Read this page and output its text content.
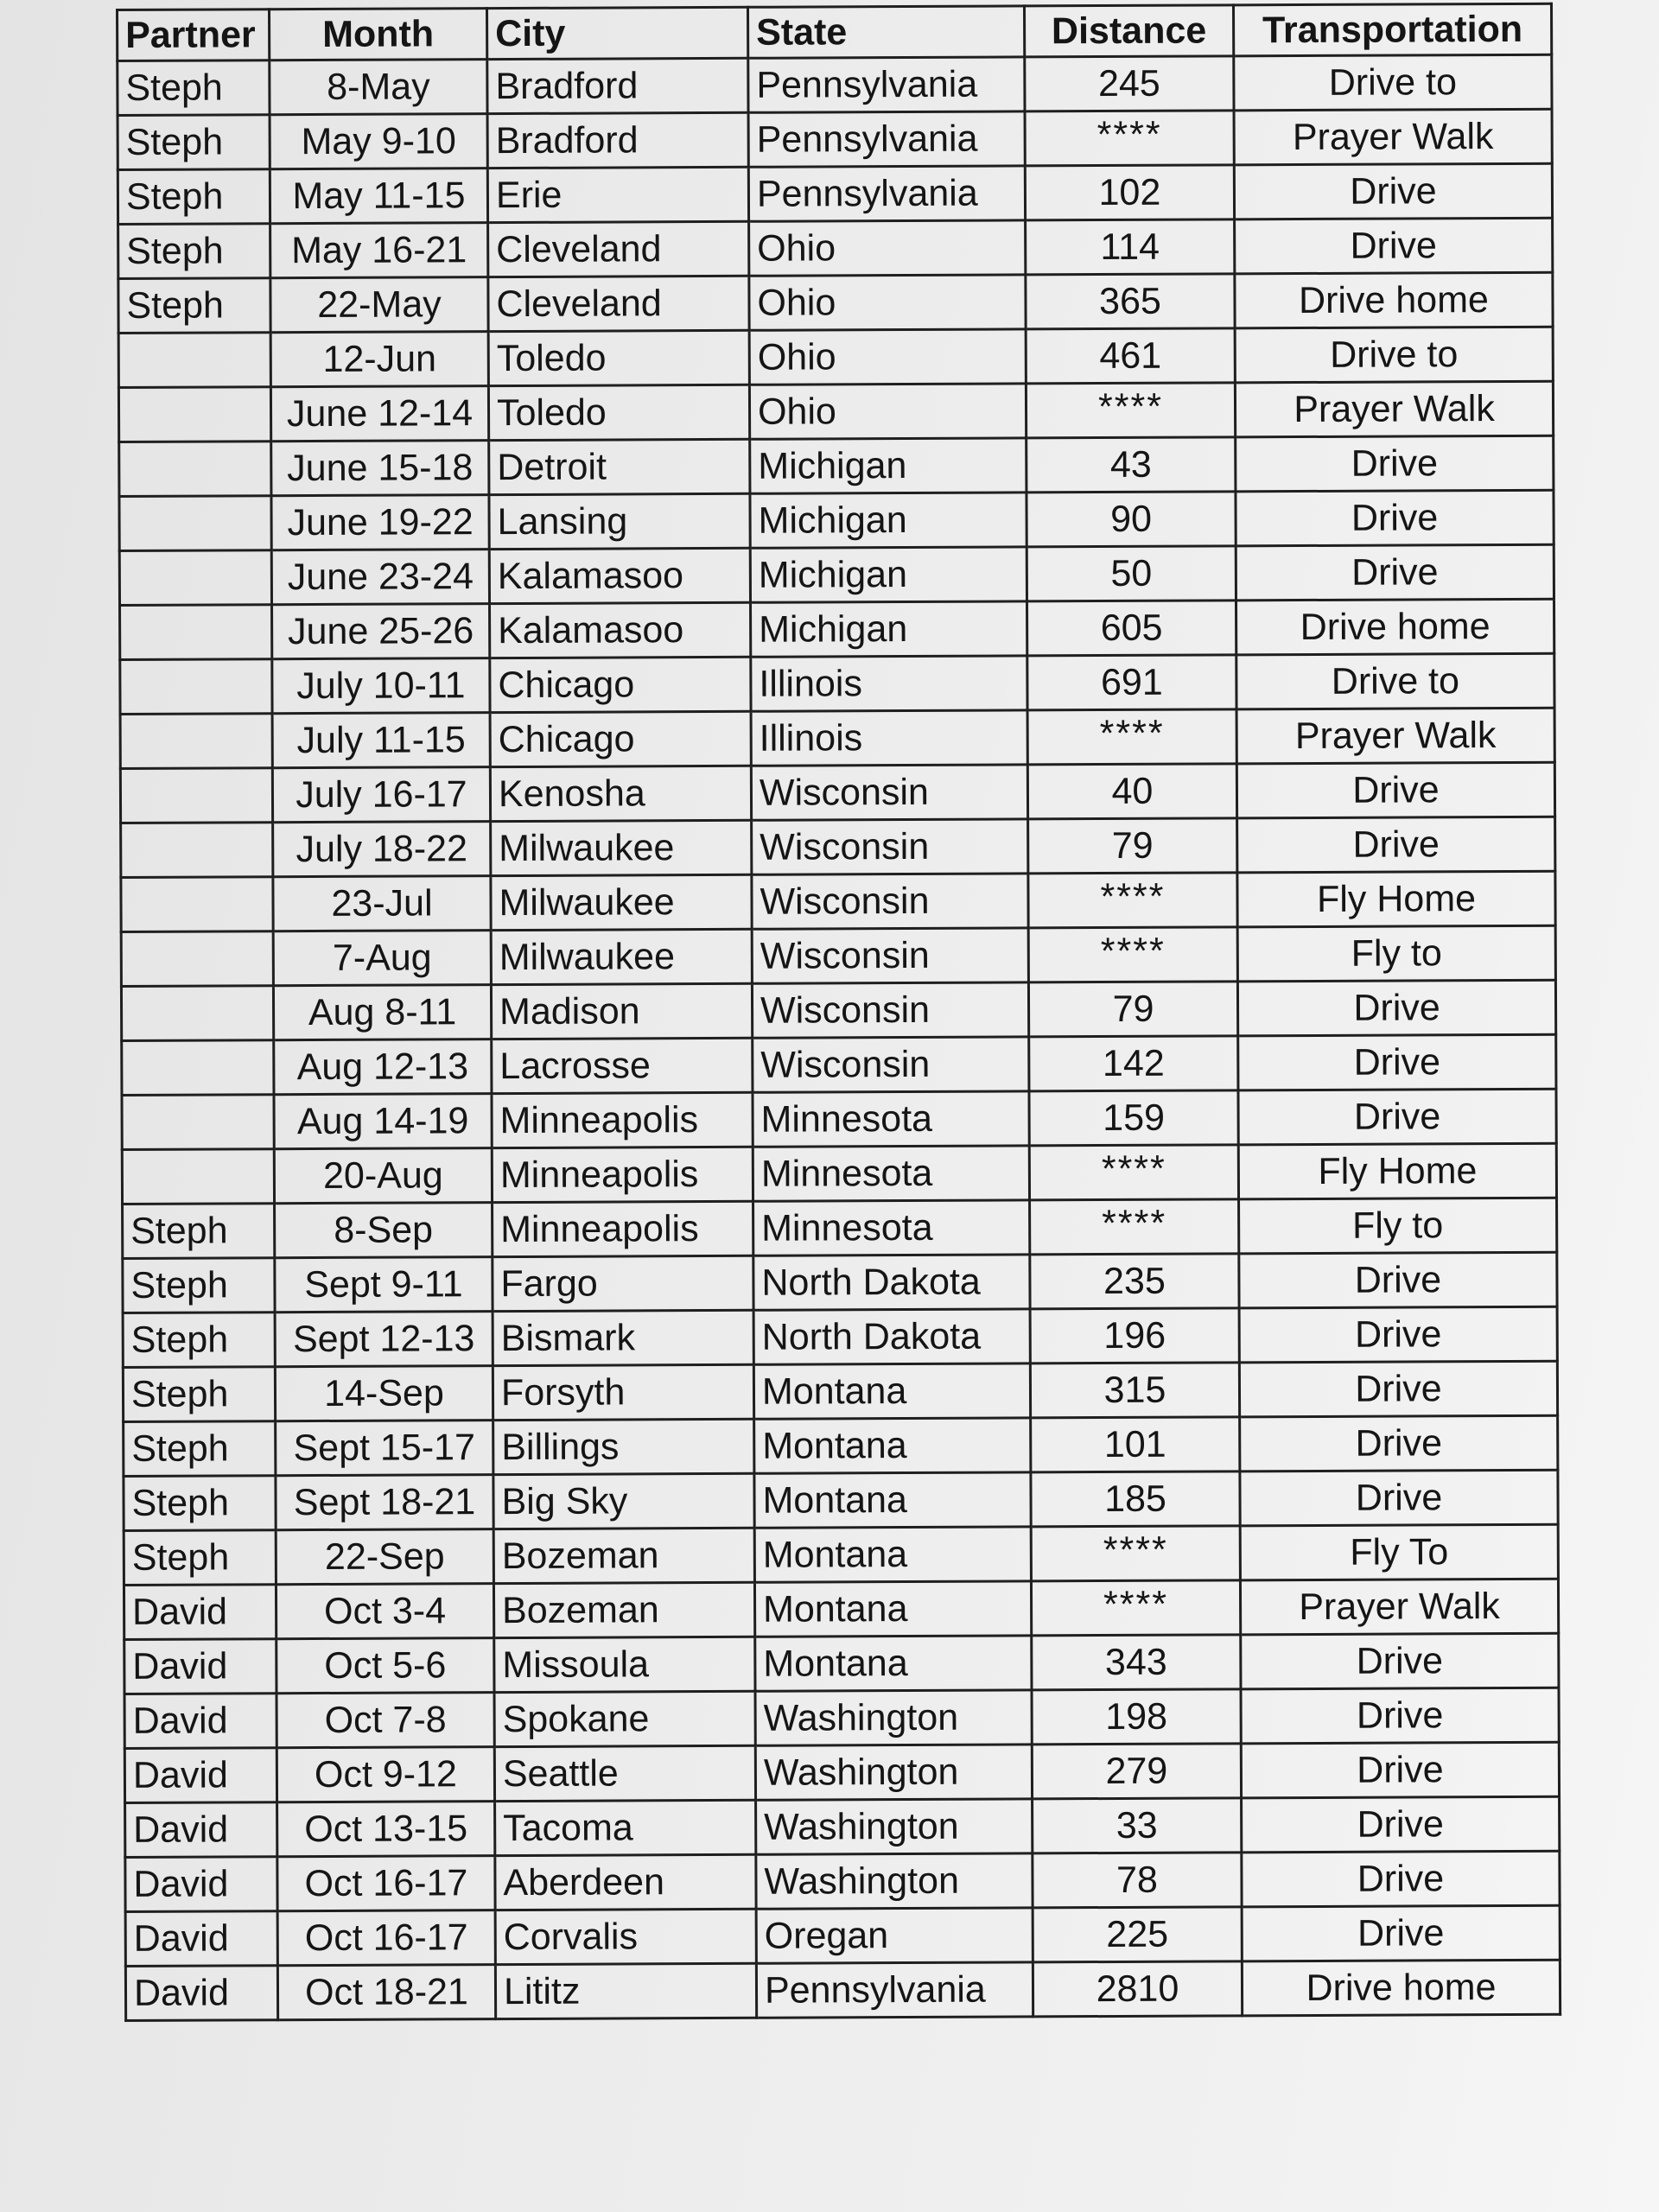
Partner	Month	City	State	Distance	Transportation
Steph	8-May	Bradford	Pennsylvania	245	Drive to
Steph	May 9-10	Bradford	Pennsylvania	****	Prayer Walk
Steph	May 11-15	Erie	Pennsylvania	102	Drive
Steph	May 16-21	Cleveland	Ohio	114	Drive
Steph	22-May	Cleveland	Ohio	365	Drive home
	12-Jun	Toledo	Ohio	461	Drive to
	June 12-14	Toledo	Ohio	****	Prayer Walk
	June 15-18	Detroit	Michigan	43	Drive
	June 19-22	Lansing	Michigan	90	Drive
	June 23-24	Kalamasoo	Michigan	50	Drive
	June 25-26	Kalamasoo	Michigan	605	Drive home
	July 10-11	Chicago	Illinois	691	Drive to
	July 11-15	Chicago	Illinois	****	Prayer Walk
	July 16-17	Kenosha	Wisconsin	40	Drive
	July 18-22	Milwaukee	Wisconsin	79	Drive
	23-Jul	Milwaukee	Wisconsin	****	Fly Home
	7-Aug	Milwaukee	Wisconsin	****	Fly to
	Aug 8-11	Madison	Wisconsin	79	Drive
	Aug 12-13	Lacrosse	Wisconsin	142	Drive
	Aug 14-19	Minneapolis	Minnesota	159	Drive
	20-Aug	Minneapolis	Minnesota	****	Fly Home
Steph	8-Sep	Minneapolis	Minnesota	****	Fly to
Steph	Sept 9-11	Fargo	North Dakota	235	Drive
Steph	Sept 12-13	Bismark	North Dakota	196	Drive
Steph	14-Sep	Forsyth	Montana	315	Drive
Steph	Sept 15-17	Billings	Montana	101	Drive
Steph	Sept 18-21	Big Sky	Montana	185	Drive
Steph	22-Sep	Bozeman	Montana	****	Fly To
David	Oct 3-4	Bozeman	Montana	****	Prayer Walk
David	Oct 5-6	Missoula	Montana	343	Drive
David	Oct 7-8	Spokane	Washington	198	Drive
David	Oct 9-12	Seattle	Washington	279	Drive
David	Oct 13-15	Tacoma	Washington	33	Drive
David	Oct 16-17	Aberdeen	Washington	78	Drive
David	Oct 16-17	Corvalis	Oregan	225	Drive
David	Oct 18-21	Lititz	Pennsylvania	2810	Drive home
